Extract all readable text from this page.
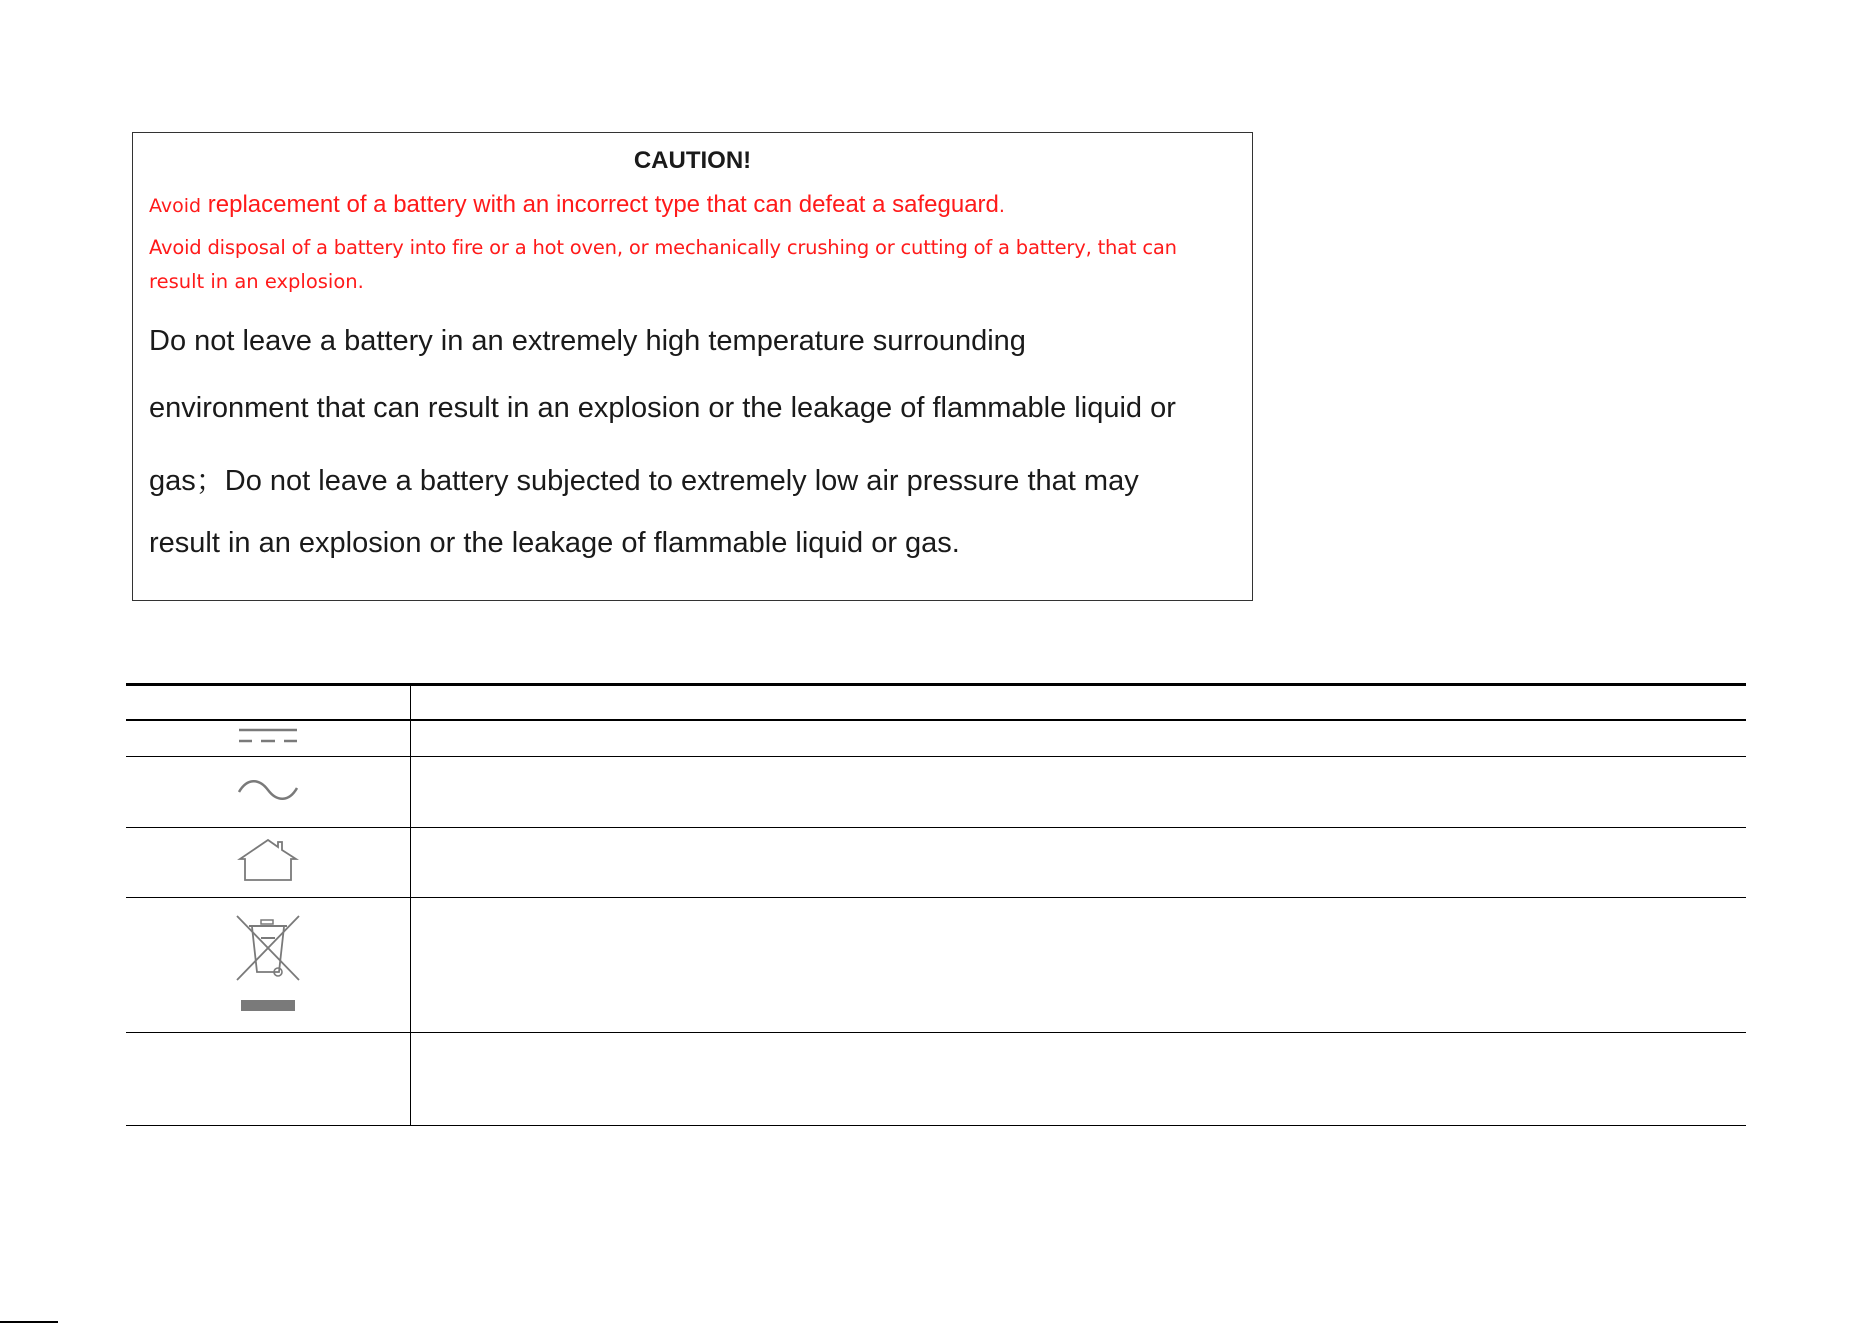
CAUTION!
Avoid replacement of a battery with an incorrect type that can defeat a safeguard.
Avoid disposal of a battery into fire or a hot oven, or mechanically crushing or cutting of a battery, that can
result in an explosion.
Do not leave a battery in an extremely high temperature surrounding
environment that can result in an explosion or the leakage of flammable liquid or
gas；Do not leave a battery subjected to extremely low air pressure that may
result in an explosion or the leakage of flammable liquid or gas.
